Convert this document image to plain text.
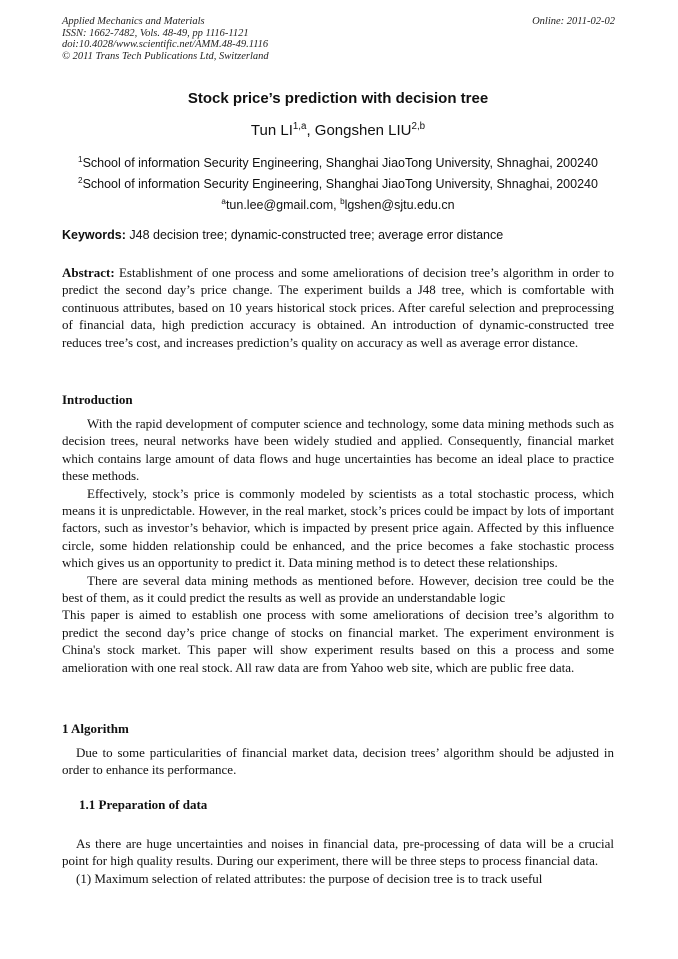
Applied Mechanics and Materials
ISSN: 1662-7482, Vols. 48-49, pp 1116-1121
doi:10.4028/www.scientific.net/AMM.48-49.1116
© 2011 Trans Tech Publications Ltd, Switzerland
Online: 2011-02-02
Stock price’s prediction with decision tree
Tun LI$^{1,a}$, Gongshen LIU$^{2,b}$
$^1$School of information Security Engineering, Shanghai JiaoTong University, Shnaghai, 200240
$^2$School of information Security Engineering, Shanghai JiaoTong University, Shnaghai, 200240
$^a$tun.lee@gmail.com, $^b$lgshen@sjtu.edu.cn
Keywords: J48 decision tree; dynamic-constructed tree; average error distance

Abstract: Establishment of one process and some ameliorations of decision tree’s algorithm in order to predict the second day’s price change. The experiment builds a J48 tree, which is comfortable with continuous attributes, based on 10 years historical stock prices. After careful selection and preprocessing of financial data, high prediction accuracy is obtained. An introduction of dynamic-constructed tree reduces tree’s cost, and increases prediction’s quality on accuracy as well as average error distance.

Introduction

With the rapid development of computer science and technology, some data mining methods such as decision trees, neural networks have been widely studied and applied. Consequently, financial market which contains large amount of data flows and huge uncertainties has become an ideal place to practice these methods.

Effectively, stock’s price is commonly modeled by scientists as a total stochastic process, which means it is unpredictable. However, in the real market, stock’s prices could be impact by lots of important factors, such as investor’s behavior, which is impacted by present price again. Affected by this influence circle, some hidden relationship could be enhanced, and the price becomes a fake stochastic process which gives us an opportunity to predict it. Data mining method is to detect these relationships.

There are several data mining methods as mentioned before. However, decision tree could be the best of them, as it could predict the results as well as provide an understandable logic

This paper is aimed to establish one process with some ameliorations of decision tree’s algorithm to predict the second day’s price change of stocks on financial market. The experiment environment is China's stock market. This paper will show experiment results based on this a process and some amelioration with one real stock. All raw data are from Yahoo web site, which are public free data.

1 Algorithm

Due to some particularities of financial market data, decision trees’ algorithm should be adjusted in order to enhance its performance.

1.1 Preparation of data

As there are huge uncertainties and noises in financial data, pre-processing of data will be a crucial point for high quality results. During our experiment, there will be three steps to process financial data.

(1) Maximum selection of related attributes: the purpose of decision tree is to track useful
